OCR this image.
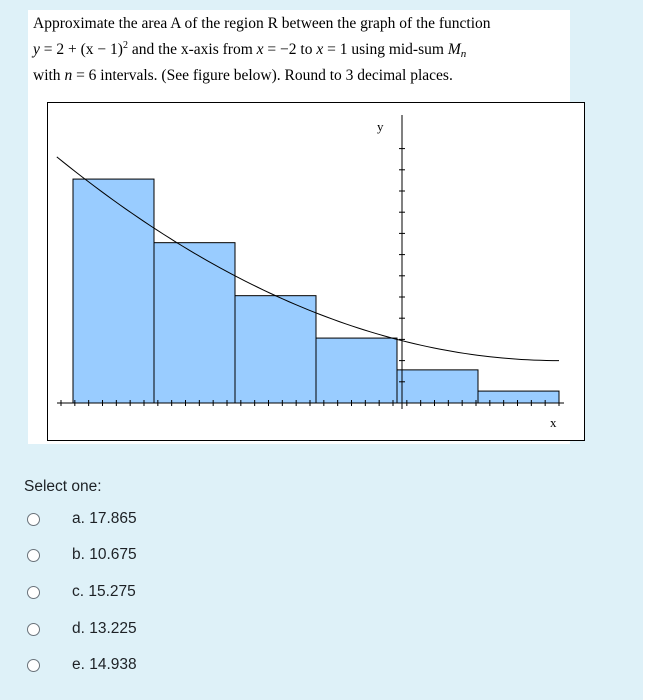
Approximate the area A of the region R between the graph of the function
$y = 2 + (x - 1)^2$ and the x-axis from x = −2 to x = 1 using mid-sum $M_n$
with n = 6 intervals. (See figure below). Round to 3 decimal places.
y
x
Select one:
a. 17.865
b. 10.675
c. 15.275
d. 13.225
e. 14.938
